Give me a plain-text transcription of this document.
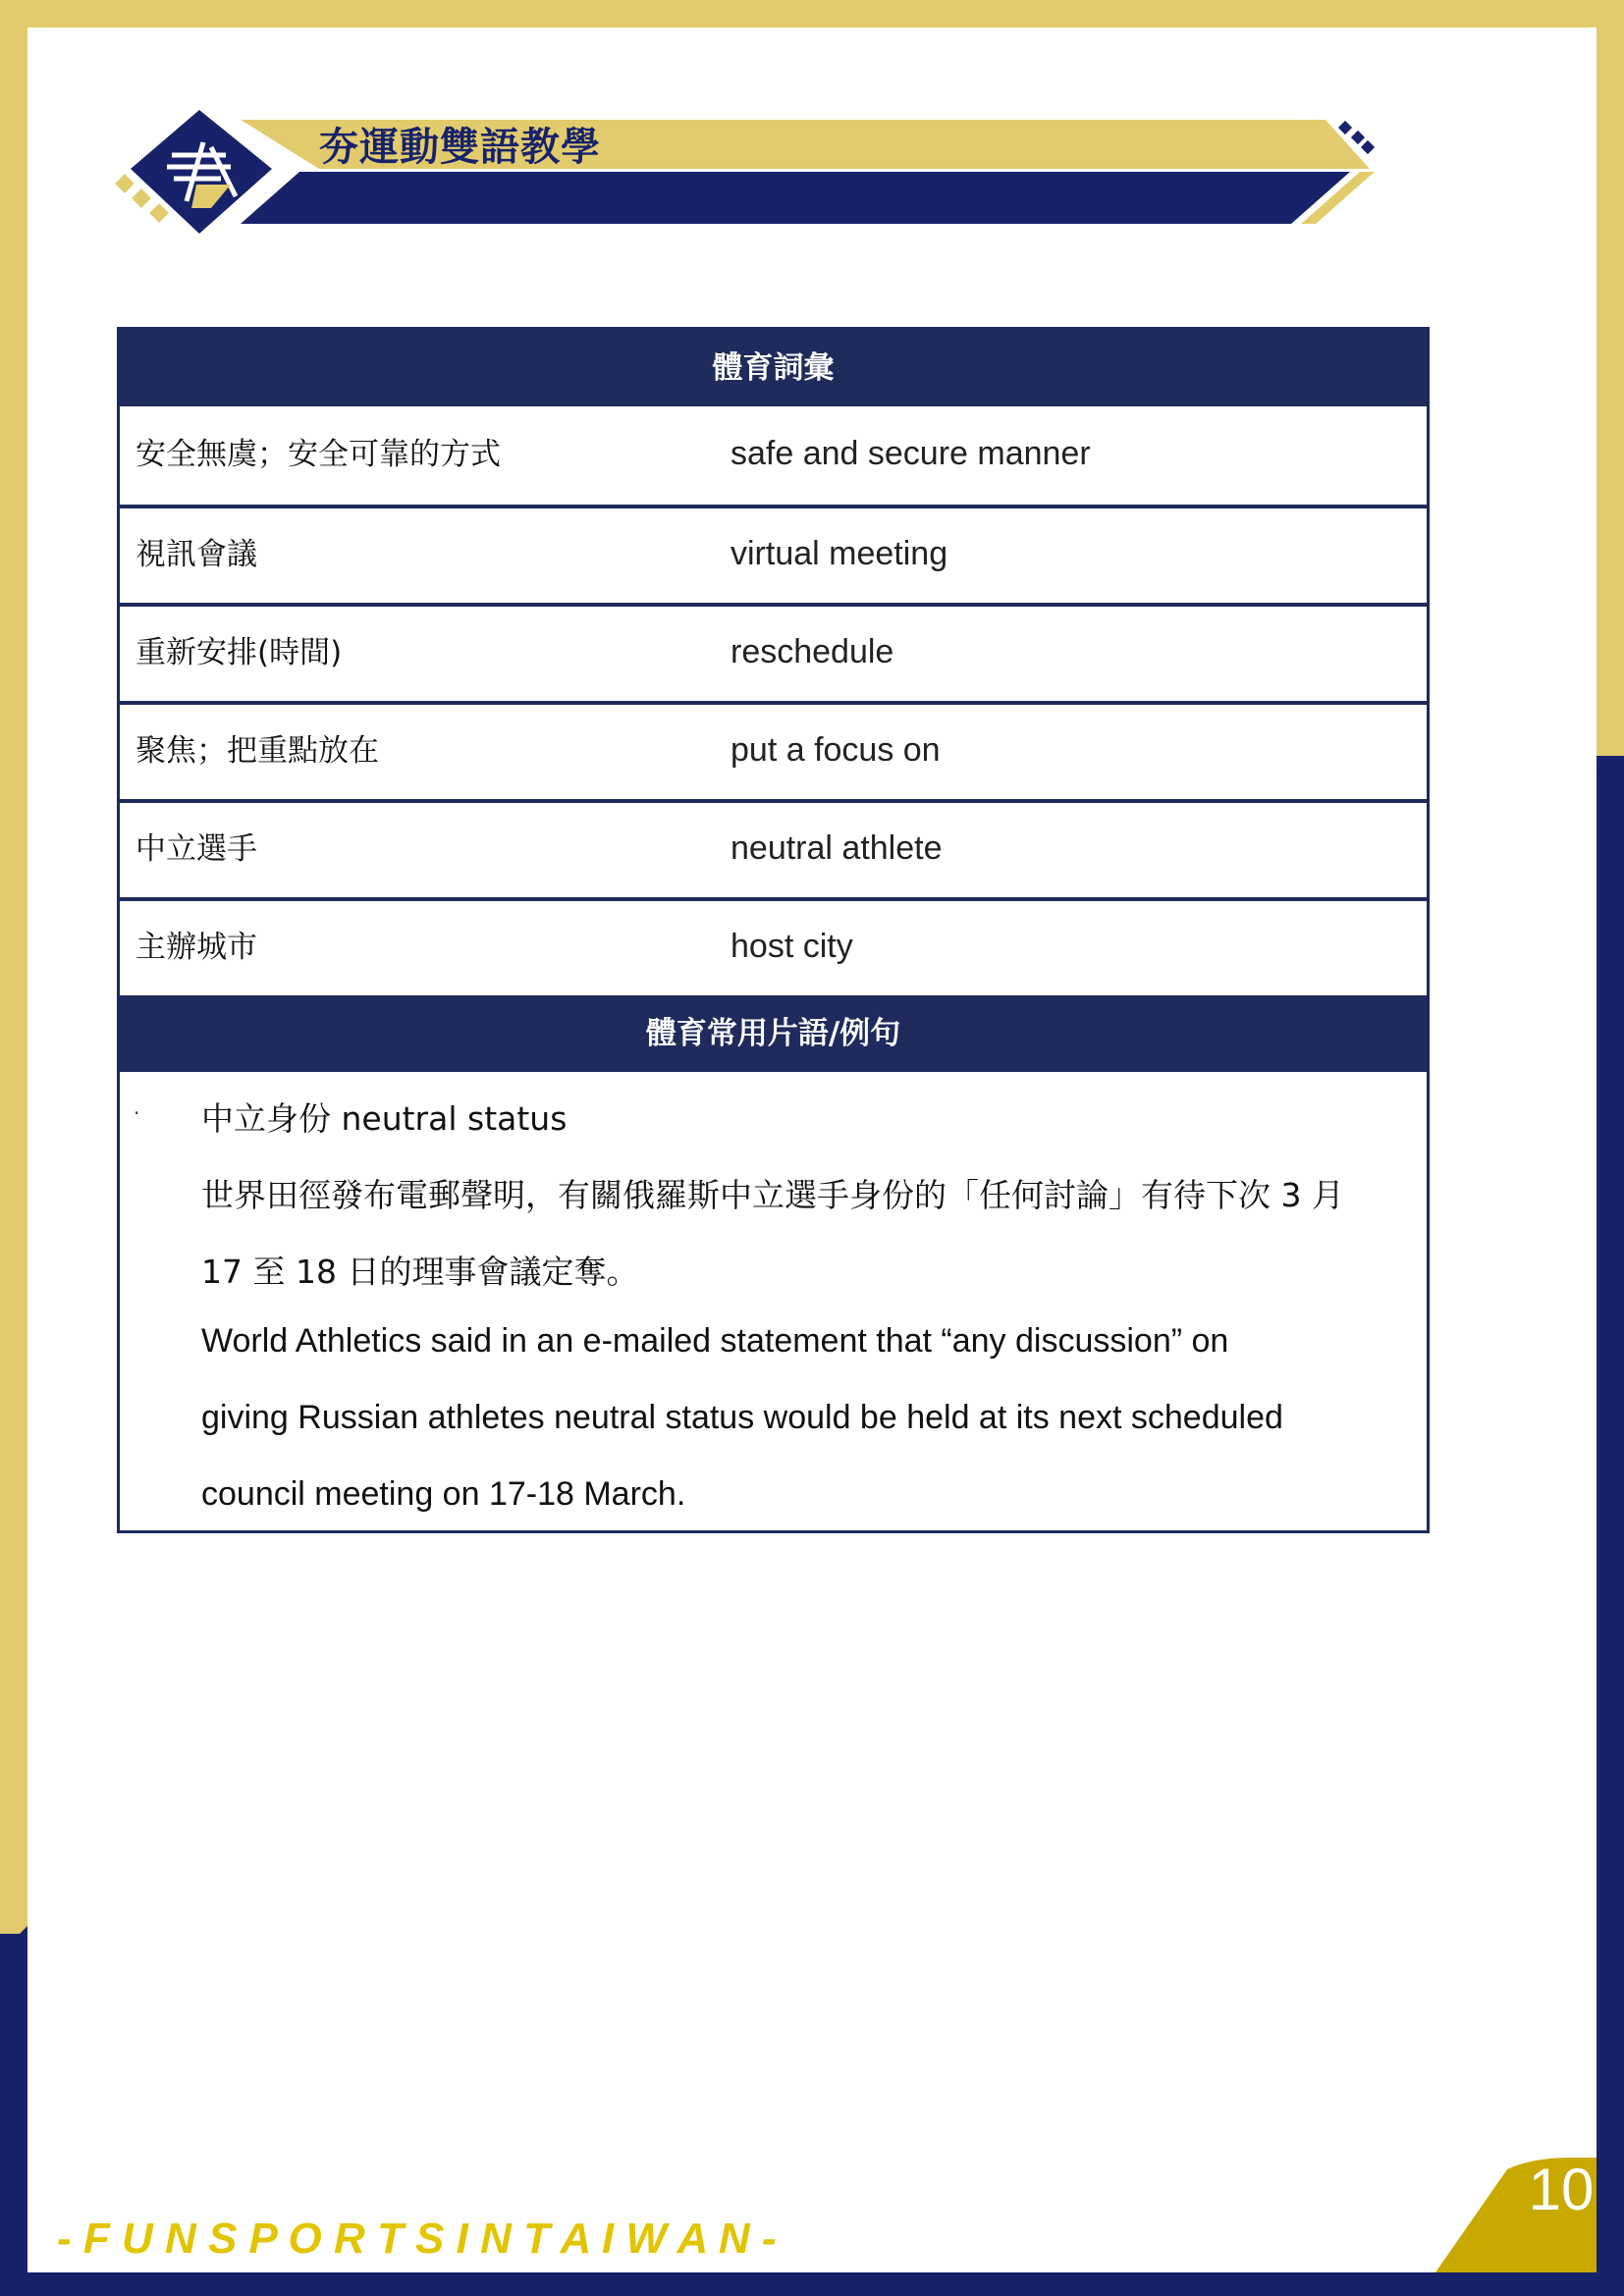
夯運動雙語教學
體育詞彙
安全無虞；安全可靠的方式	safe and secure manner
視訊會議	virtual meeting
重新安排(時間)	reschedule
聚焦；把重點放在	put a focus on
中立選手	neutral athlete
主辦城市	host city
體育常用片語/例句
· 中立身份 neutral status
世界田徑發布電郵聲明，有關俄羅斯中立選手身份的「任何討論」有待下次 3 月
17 至 18 日的理事會議定奪。
World Athletics said in an e-mailed statement that “any discussion” on
giving Russian athletes neutral status would be held at its next scheduled
council meeting on 17-18 March.
- F U N S P O R T S I N T A I W A N -
10
